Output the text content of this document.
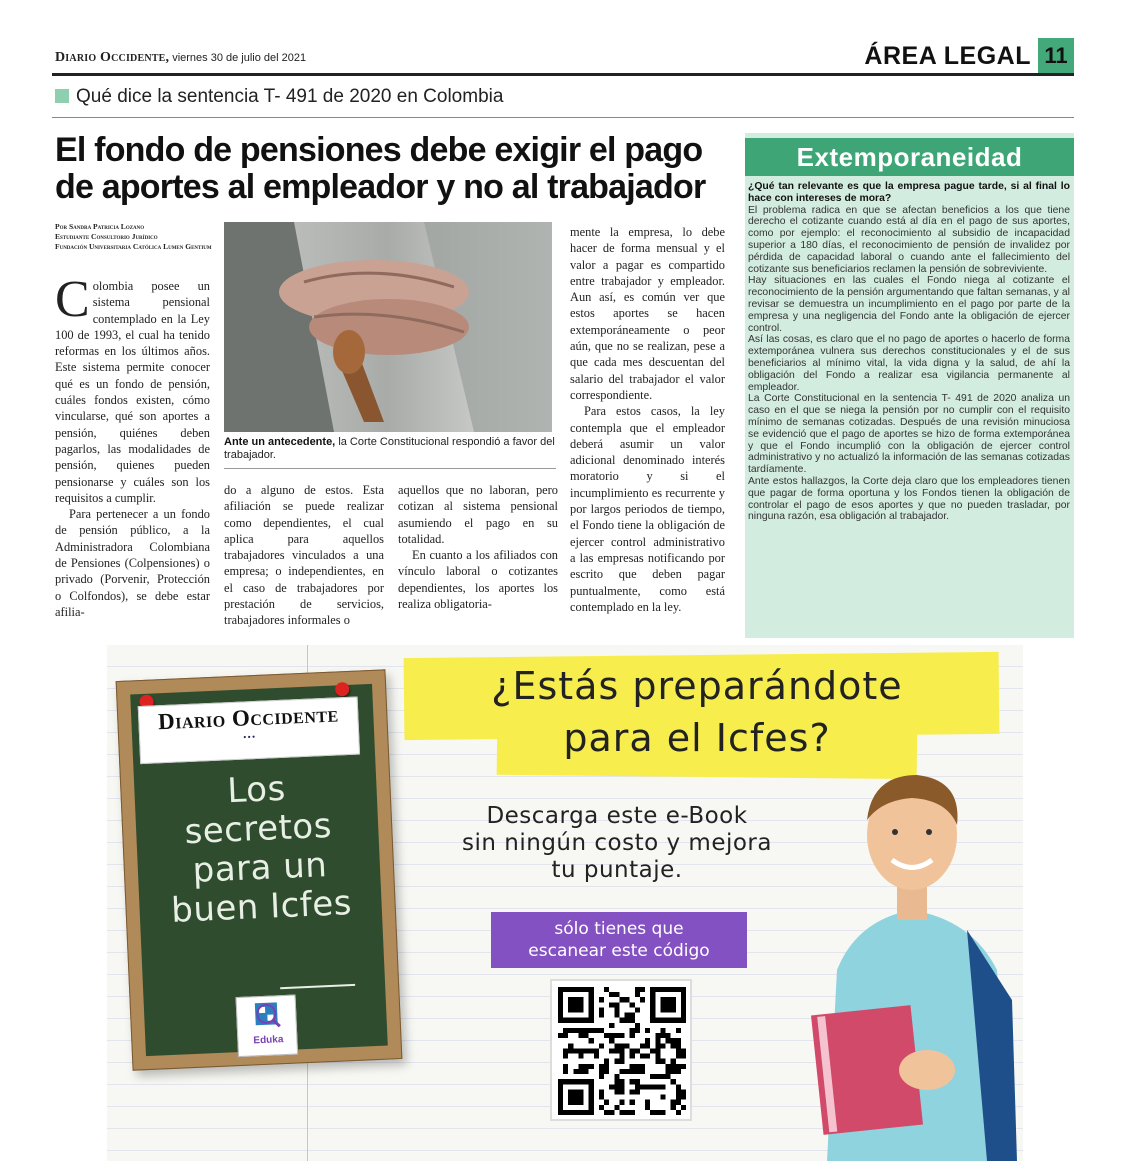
Diario Occidente, viernes 30 de julio del 2021	ÁREA LEGAL 11
Qué dice la sentencia T- 491 de 2020 en Colombia
El fondo de pensiones debe exigir el pago de aportes al empleador y no al trabajador
Por Sandra Patricia Lozano
Estudiante Consultorio Jurídico
Fundación Universitaria Católica Lumen Gentium

Colombia posee un sistema pensional contemplado en la Ley 100 de 1993, el cual ha tenido reformas en los últimos años. Este sistema permite conocer qué es un fondo de pensión, cuáles fondos existen, cómo vincularse, qué son aportes a pensión, quiénes deben pagarlos, las modalidades de pensión, quienes pueden pensionarse y cuáles son los requisitos a cumplir.

Para pertenecer a un fondo de pensión público, a la Administradora Colombiana de Pensiones (Colpensiones) o privado (Porvenir, Protección o Colfondos), se debe estar afilia-

Ante un antecedente, la Corte Constitucional respondió a favor del trabajador.

do a alguno de estos. Esta afiliación se puede realizar como dependientes, el cual aplica para aquellos trabajadores vinculados a una empresa; o independientes, en el caso de trabajadores por prestación de servicios, trabajadores informales o

aquellos que no laboran, pero cotizan al sistema pensional asumiendo el pago en su totalidad.

En cuanto a los afiliados con vínculo laboral o cotizantes dependientes, los aportes los realiza obligatoria-

mente la empresa, lo debe hacer de forma mensual y el valor a pagar es compartido entre trabajador y empleador. Aun así, es común ver que estos aportes se hacen extemporáneamente o peor aún, que no se realizan, pese a que cada mes descuentan del salario del trabajador el valor correspondiente.

Para estos casos, la ley contempla que el empleador deberá asumir un valor adicional denominado interés moratorio y si el incumplimiento es recurrente y por largos periodos de tiempo, el Fondo tiene la obligación de ejercer control administrativo a las empresas notificando por escrito que deben pagar puntualmente, como está contemplado en la ley.

Extemporaneidad

¿Qué tan relevante es que la empresa pague tarde, si al final lo hace con intereses de mora?

El problema radica en que se afectan beneficios a los que tiene derecho el cotizante cuando está al día en el pago de sus aportes, como por ejemplo: el reconocimiento al subsidio de incapacidad superior a 180 días, el reconocimiento de pensión de invalidez por pérdida de capacidad laboral o cuando ante el fallecimiento del cotizante sus beneficiarios reclamen la pensión de sobreviviente.

Hay situaciones en las cuales el Fondo niega al cotizante el reconocimiento de la pensión argumentando que faltan semanas, y al revisar se demuestra un incumplimiento en el pago por parte de la empresa y una negligencia del Fondo ante la obligación de ejercer control.

Así las cosas, es claro que el no pago de aportes o hacerlo de forma extemporánea vulnera sus derechos constitucionales y el de sus beneficiarios al mínimo vital, la vida digna y la salud, de ahí la obligación del Fondo a realizar esa vigilancia permanente al empleador.

La Corte Constitucional en la sentencia T- 491 de 2020 analiza un caso en el que se niega la pensión por no cumplir con el requisito mínimo de semanas cotizadas. Después de una revisión minuciosa se evidenció que el pago de aportes se hizo de forma extemporánea y que el Fondo incumplió con la obligación de ejercer control administrativo y no actualizó la información de las semanas cotizadas tardíamente.

Ante estos hallazgos, la Corte deja claro que los empleadores tienen que pagar de forma oportuna y los Fondos tienen la obligación de controlar el pago de esos aportes y que no pueden trasladar, por ninguna razón, esa obligación al trabajador.

Diario Occidente
● ● ●
Los secretos para un buen Icfes
Eduka
¿Estás preparándote
para el Icfes?
Descarga este e-Book
sin ningún costo y mejora
tu puntaje.
sólo tienes que
escanear este código
